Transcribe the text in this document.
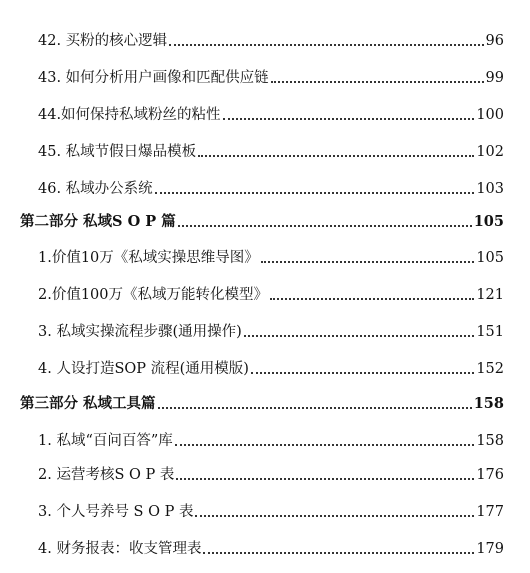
42. 买粉的核心逻辑	96
43. 如何分析用户画像和匹配供应链	99
44.如何保持私域粉丝的粘性	100
45. 私域节假日爆品模板	102
46. 私域办公系统	103
第二部分 私域S O P 篇	105
1.价值10万《私域实操思维导图》	105
2.价值100万《私域万能转化模型》	121
3. 私域实操流程步骤(通用操作)	151
4. 人设打造SOP 流程(通用模版)	152
第三部分 私域工具篇	158
1. 私域“百问百答”库	158
2. 运营考核S O P 表	176
3. 个人号养号 S O P 表	177
4. 财务报表：收支管理表	179
